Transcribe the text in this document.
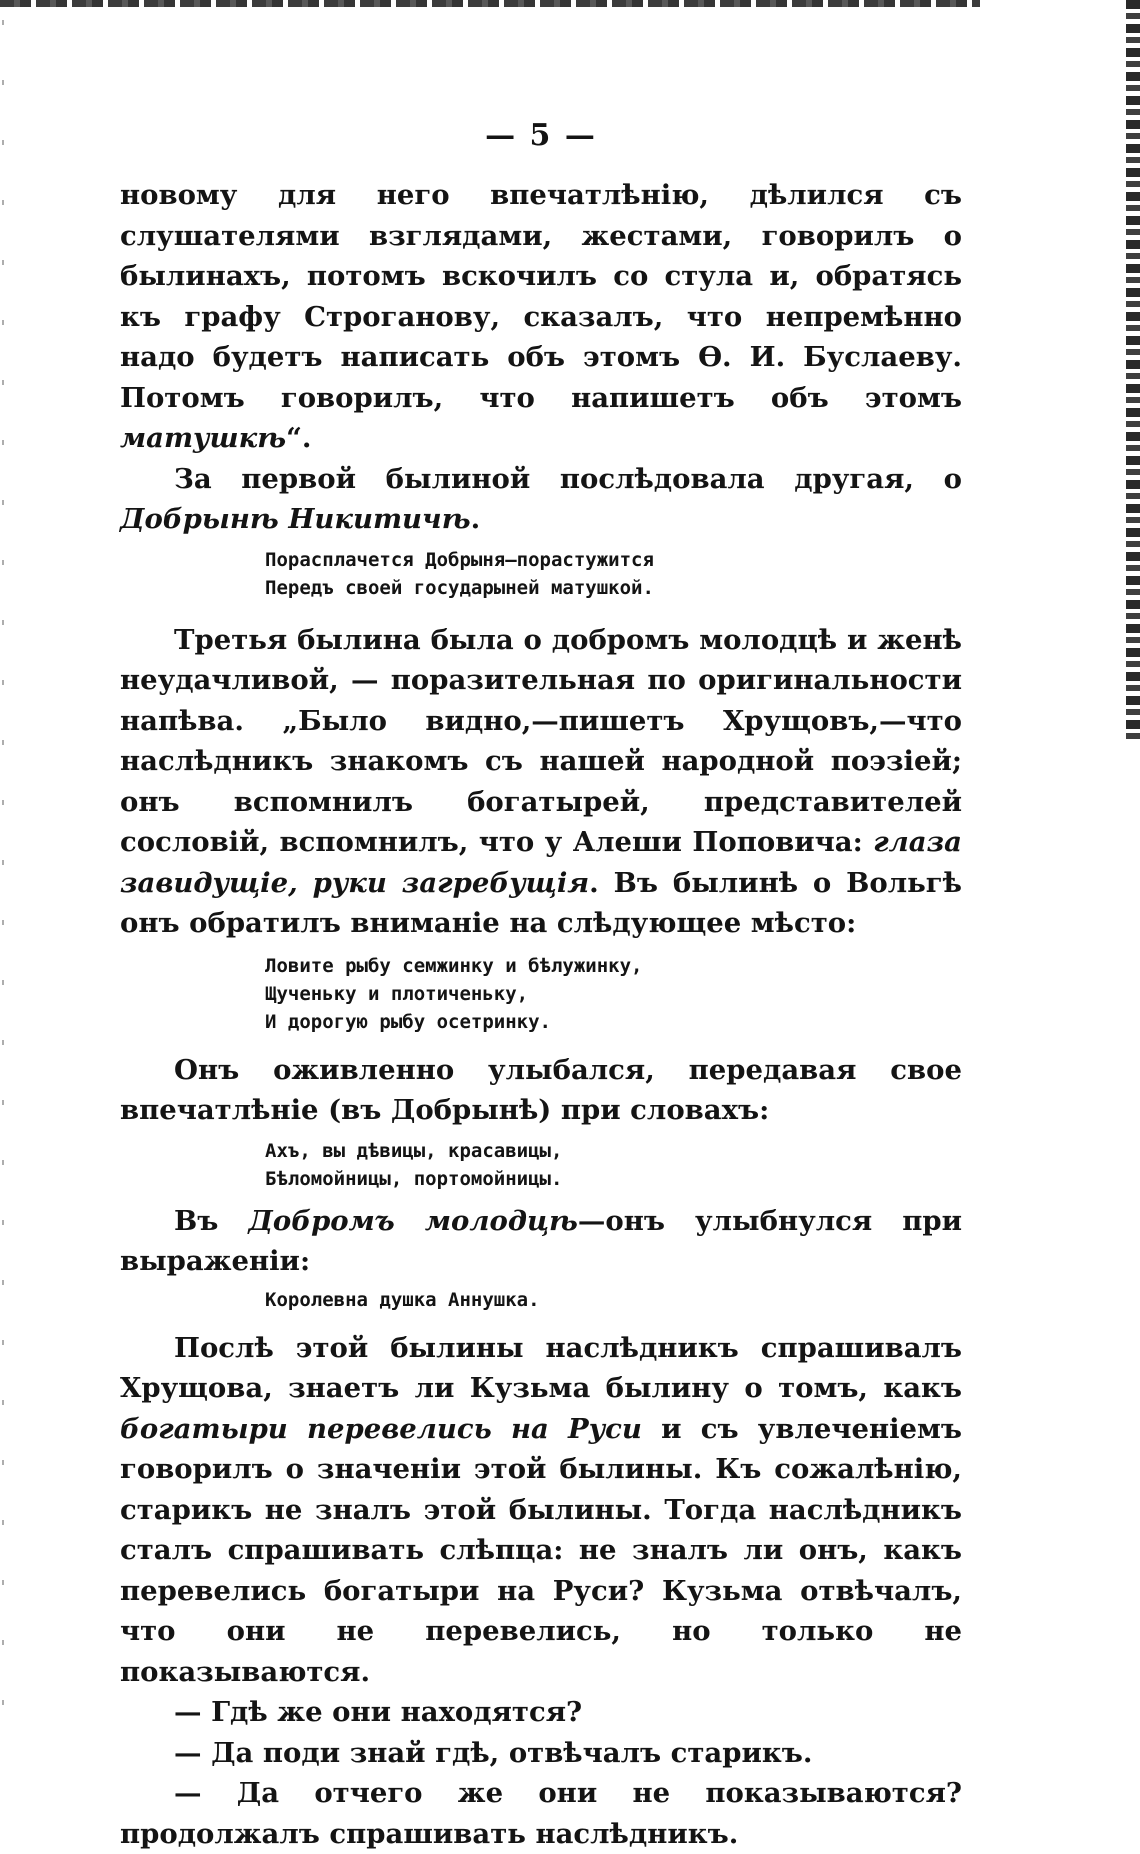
— 5 —

новому для него впечатлѣнію, дѣлился съ слушателями взглядами, жестами, говорилъ о былинахъ, потомъ вскочилъ со стула и, обратясь къ графу Строганову, сказалъ, что непремѣнно надо будетъ написать объ этомъ Ѳ. И. Буслаеву. Потомъ говорилъ, что напишетъ объ этомъ матушкѣ“.

За первой былиной послѣдовала другая, о Добрынѣ Никитичѣ.

Порасплачется Добрыня—порастужится
Передъ своей государыней матушкой.

Третья былина была о добромъ молодцѣ и женѣ неудачливой, — поразительная по оригинальности напѣва. „Было видно,—пишетъ Хрущовъ,—что наслѣдникъ знакомъ съ нашей народной поэзіей; онъ вспомнилъ богатырей, представителей сословій, вспомнилъ, что у Алеши Поповича: глаза завидущіе, руки загребущія. Въ былинѣ о Вольгѣ онъ обратилъ вниманіе на слѣдующее мѣсто:

Ловите рыбу семжинку и бѣлужинку,
Щученьку и плотиченьку,
И дорогую рыбу осетринку.

Онъ оживленно улыбался, передавая свое впечатлѣніе (въ Добрынѣ) при словахъ:

Ахъ, вы дѣвицы, красавицы,
Бѣломойницы, портомойницы.

Въ Добромъ молодцѣ—онъ улыбнулся при выраженіи:

Королевна душка Аннушка.

Послѣ этой былины наслѣдникъ спрашивалъ Хрущова, знаетъ ли Кузьма былину о томъ, какъ богатыри перевелись на Руси и съ увлеченіемъ говорилъ о значеніи этой былины. Къ сожалѣнію, старикъ не зналъ этой былины. Тогда наслѣдникъ сталъ спрашивать слѣпца: не зналъ ли онъ, какъ перевелись богатыри на Руси? Кузьма отвѣчалъ, что они не перевелись, но только не показываются.

— Гдѣ же они находятся?

— Да поди знай гдѣ, отвѣчалъ старикъ.

— Да отчего же они не показываются? продолжалъ спрашивать наслѣдникъ.
